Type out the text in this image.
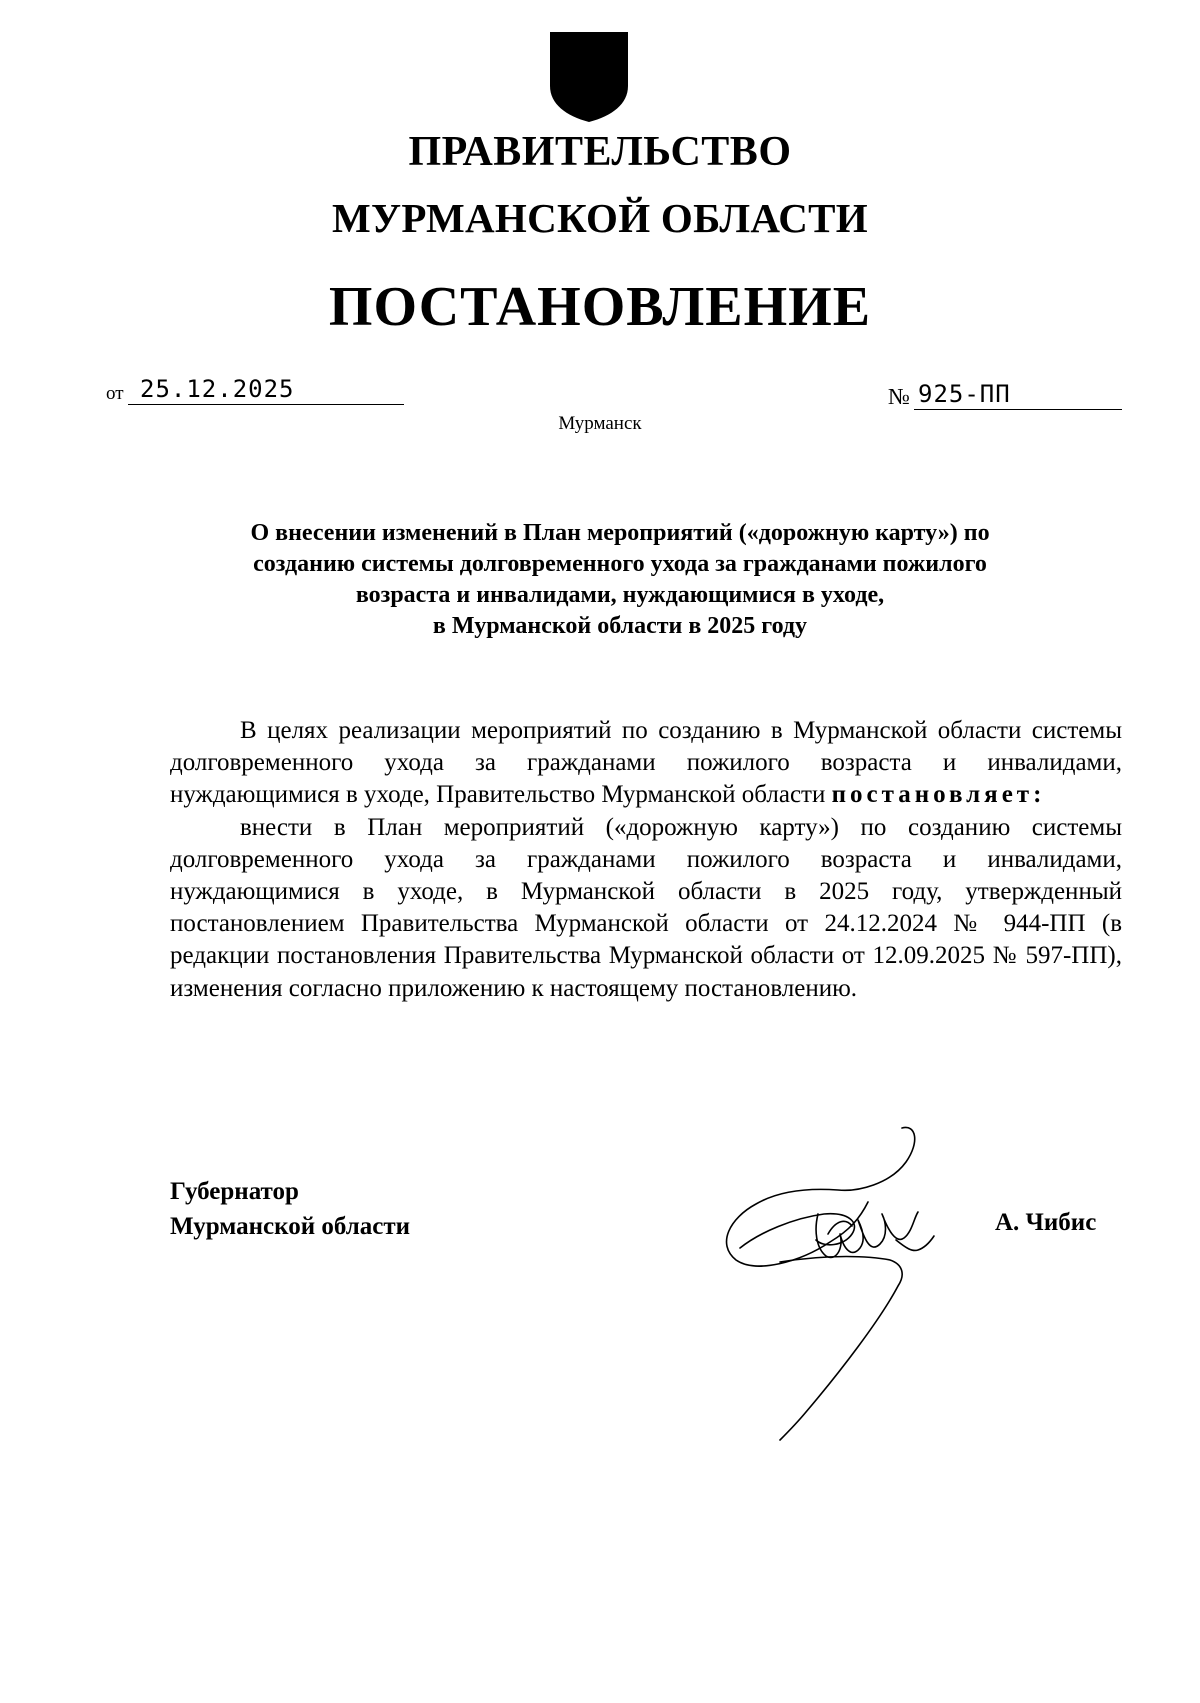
ПРАВИТЕЛЬСТВО
МУРМАНСКОЙ ОБЛАСТИ
ПОСТАНОВЛЕНИЕ
от 25.12.2025	№ 925-ПП
Мурманск
О внесении изменений в План мероприятий («дорожную карту») по
созданию системы долговременного ухода за гражданами пожилого
возраста и инвалидами, нуждающимися в уходе,
в Мурманской области в 2025 году

В целях реализации мероприятий по созданию в Мурманской области системы долговременного ухода за гражданами пожилого возраста и инвалидами, нуждающимися в уходе, Правительство Мурманской области постановляет:

внести в План мероприятий («дорожную карту») по созданию системы долговременного ухода за гражданами пожилого возраста и инвалидами, нуждающимися в уходе, в Мурманской области в 2025 году, утвержденный постановлением Правительства Мурманской области от 24.12.2024 № 944-ПП (в редакции постановления Правительства Мурманской области от 12.09.2025 № 597-ПП), изменения согласно приложению к настоящему постановлению.

Губернатор
Мурманской области	А. Чибис
